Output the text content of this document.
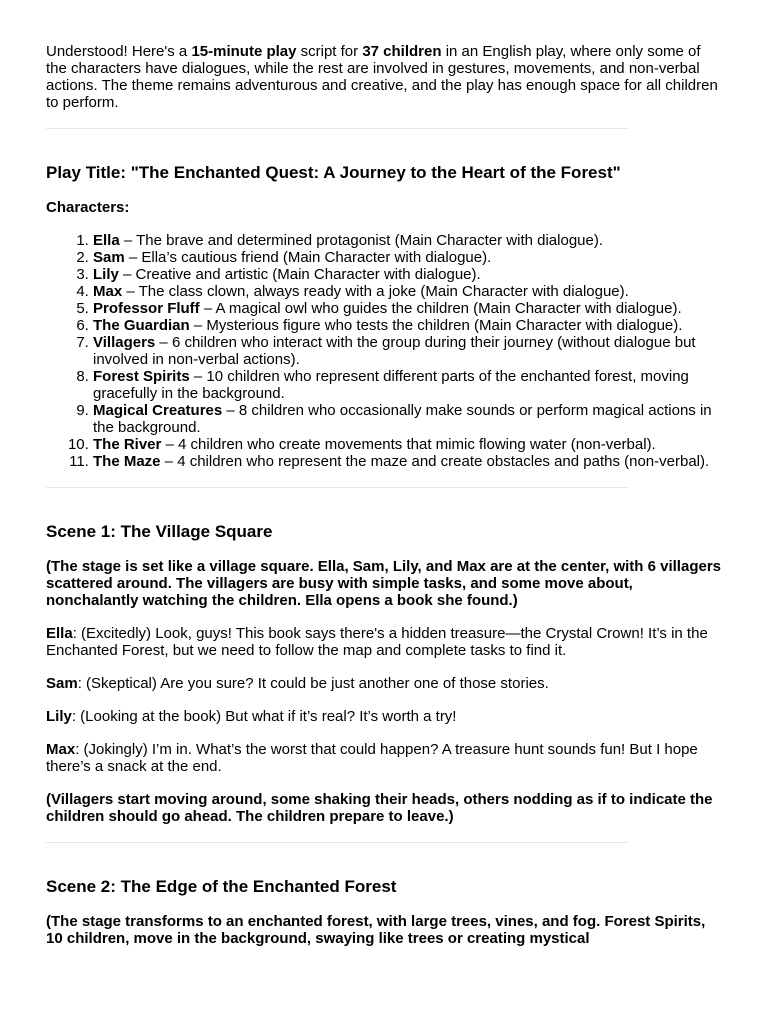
Understood! Here's a 15-minute play script for 37 children in an English play, where only some of the characters have dialogues, while the rest are involved in gestures, movements, and non-verbal actions. The theme remains adventurous and creative, and the play has enough space for all children to perform.

Play Title: "The Enchanted Quest: A Journey to the Heart of the Forest"

Characters:

1. Ella – The brave and determined protagonist (Main Character with dialogue).
2. Sam – Ella’s cautious friend (Main Character with dialogue).
3. Lily – Creative and artistic (Main Character with dialogue).
4. Max – The class clown, always ready with a joke (Main Character with dialogue).
5. Professor Fluff – A magical owl who guides the children (Main Character with dialogue).
6. The Guardian – Mysterious figure who tests the children (Main Character with dialogue).
7. Villagers – 6 children who interact with the group during their journey (without dialogue but involved in non-verbal actions).
8. Forest Spirits – 10 children who represent different parts of the enchanted forest, moving gracefully in the background.
9. Magical Creatures – 8 children who occasionally make sounds or perform magical actions in the background.
10. The River – 4 children who create movements that mimic flowing water (non-verbal).
11. The Maze – 4 children who represent the maze and create obstacles and paths (non-verbal).
Scene 1: The Village Square

(The stage is set like a village square. Ella, Sam, Lily, and Max are at the center, with 6 villagers scattered around. The villagers are busy with simple tasks, and some move about, nonchalantly watching the children. Ella opens a book she found.)

Ella: (Excitedly) Look, guys! This book says there's a hidden treasure—the Crystal Crown! It’s in the Enchanted Forest, but we need to follow the map and complete tasks to find it.

Sam: (Skeptical) Are you sure? It could be just another one of those stories.

Lily: (Looking at the book) But what if it’s real? It’s worth a try!

Max: (Jokingly) I’m in. What’s the worst that could happen? A treasure hunt sounds fun! But I hope there’s a snack at the end.

(Villagers start moving around, some shaking their heads, others nodding as if to indicate the children should go ahead. The children prepare to leave.)

Scene 2: The Edge of the Enchanted Forest

(The stage transforms to an enchanted forest, with large trees, vines, and fog. Forest Spirits, 10 children, move in the background, swaying like trees or creating mystical
